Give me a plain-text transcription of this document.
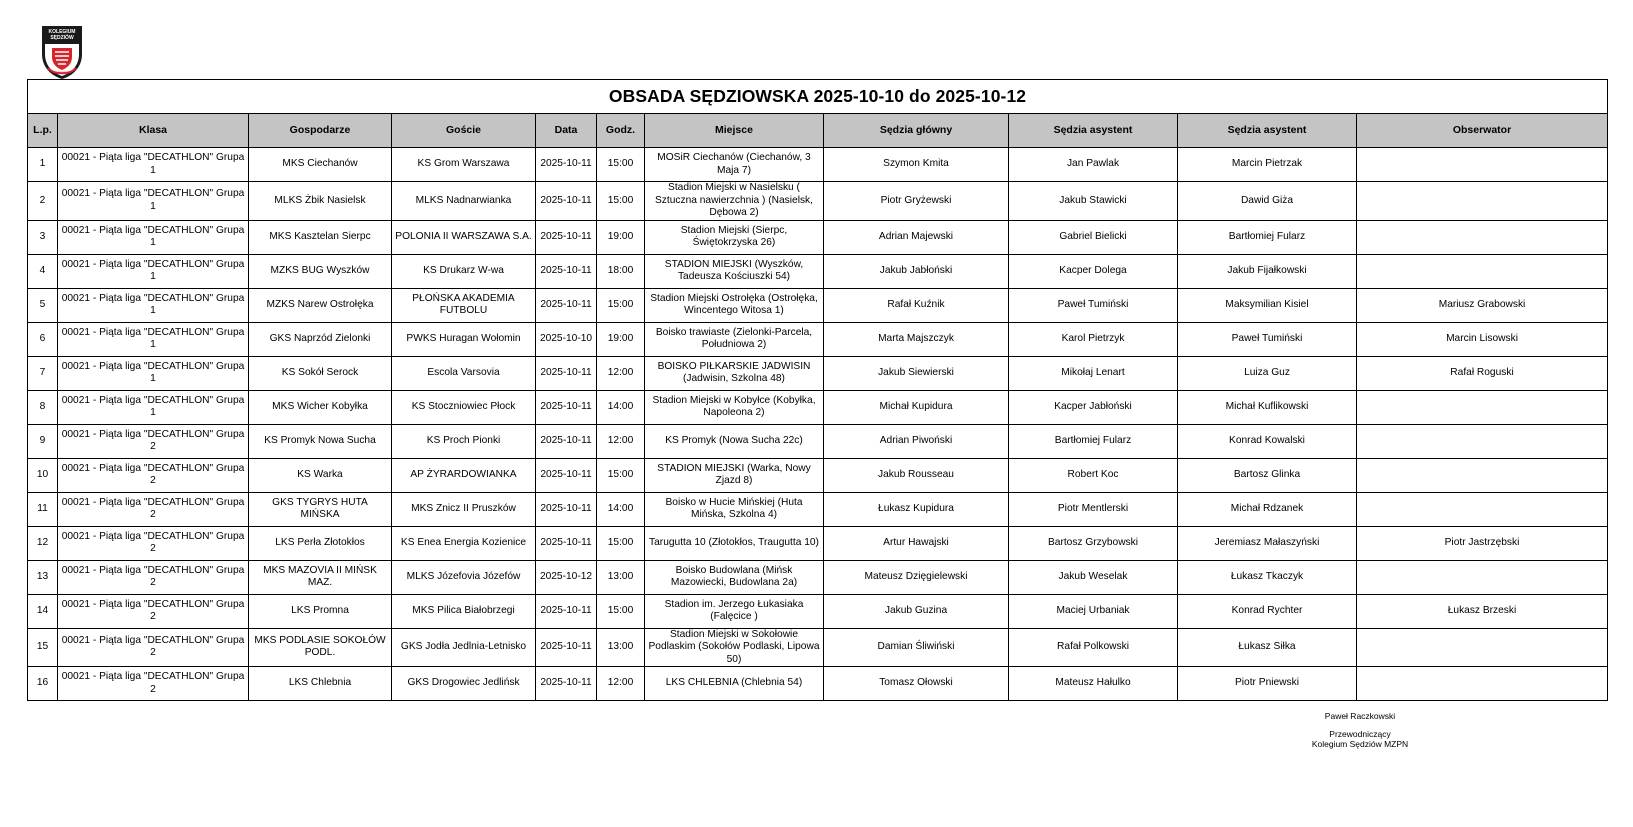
KOLEGIUM
SĘDZIÓW
MAZOWIECKI
OBSADA SĘDZIOWSKA 2025-10-10 do 2025-10-12										
L.p.	Klasa	Gospodarze	Goście	Data	Godz.	Miejsce	Sędzia główny	Sędzia asystent	Sędzia asystent	Obserwator
1	00021 - Piąta liga "DECATHLON" Grupa 1	MKS Ciechanów	KS Grom Warszawa	2025-10-11	15:00	MOSiR Ciechanów (Ciechanów, 3 Maja 7)	Szymon Kmita	Jan Pawlak	Marcin Pietrzak	
2	00021 - Piąta liga "DECATHLON" Grupa 1	MLKS Żbik Nasielsk	MLKS Nadnarwianka	2025-10-11	15:00	Stadion Miejski w Nasielsku ( Sztuczna nawierzchnia ) (Nasielsk, Dębowa 2)	Piotr Gryżewski	Jakub Stawicki	Dawid Giża	
3	00021 - Piąta liga "DECATHLON" Grupa 1	MKS Kasztelan Sierpc	POLONIA II WARSZAWA S.A.	2025-10-11	19:00	Stadion Miejski (Sierpc, Świętokrzyska 26)	Adrian Majewski	Gabriel Bielicki	Bartłomiej Fularz	
4	00021 - Piąta liga "DECATHLON" Grupa 1	MZKS BUG Wyszków	KS Drukarz W-wa	2025-10-11	18:00	STADION MIEJSKI (Wyszków, Tadeusza Kościuszki 54)	Jakub Jabłoński	Kacper Dolega	Jakub Fijałkowski	
5	00021 - Piąta liga "DECATHLON" Grupa 1	MZKS Narew Ostrołęka	PŁOŃSKA AKADEMIA FUTBOLU	2025-10-11	15:00	Stadion Miejski Ostrołęka (Ostrołęka, Wincentego Witosa 1)	Rafał Kuźnik	Paweł Tumiński	Maksymilian Kisiel	Mariusz Grabowski
6	00021 - Piąta liga "DECATHLON" Grupa 1	GKS Naprzód Zielonki	PWKS Huragan Wołomin	2025-10-10	19:00	Boisko trawiaste (Zielonki-Parcela, Południowa 2)	Marta Majszczyk	Karol Pietrzyk	Paweł Tumiński	Marcin Lisowski
7	00021 - Piąta liga "DECATHLON" Grupa 1	KS Sokół Serock	Escola Varsovia	2025-10-11	12:00	BOISKO PIŁKARSKIE JADWISIN (Jadwisin, Szkolna 48)	Jakub Siewierski	Mikołaj Lenart	Luiza Guz	Rafał Roguski
8	00021 - Piąta liga "DECATHLON" Grupa 1	MKS Wicher Kobyłka	KS Stoczniowiec Płock	2025-10-11	14:00	Stadion Miejski w Kobyłce (Kobyłka, Napoleona 2)	Michał Kupidura	Kacper Jabłoński	Michał Kuflikowski	
9	00021 - Piąta liga "DECATHLON" Grupa 2	KS Promyk Nowa Sucha	KS Proch Pionki	2025-10-11	12:00	KS Promyk (Nowa Sucha 22c)	Adrian Piwoński	Bartłomiej Fularz	Konrad Kowalski	
10	00021 - Piąta liga "DECATHLON" Grupa 2	KS Warka	AP ŻYRARDOWIANKA	2025-10-11	15:00	STADION MIEJSKI (Warka, Nowy Zjazd 8)	Jakub Rousseau	Robert Koc	Bartosz Glinka	
11	00021 - Piąta liga "DECATHLON" Grupa 2	GKS TYGRYS HUTA MIŃSKA	MKS Znicz II Pruszków	2025-10-11	14:00	Boisko w Hucie Mińskiej (Huta Mińska, Szkolna 4)	Łukasz Kupidura	Piotr Mentlerski	Michał Rdzanek	
12	00021 - Piąta liga "DECATHLON" Grupa 2	LKS Perła Złotokłos	KS Enea Energia Kozienice	2025-10-11	15:00	Tarugutta 10 (Złotokłos, Traugutta 10)	Artur Hawajski	Bartosz Grzybowski	Jeremiasz Małaszyński	Piotr Jastrzębski
13	00021 - Piąta liga "DECATHLON" Grupa 2	MKS MAZOVIA II MIŃSK MAZ.	MLKS Józefovia Józefów	2025-10-12	13:00	Boisko Budowlana (Mińsk Mazowiecki, Budowlana 2a)	Mateusz Dzięgielewski	Jakub Weselak	Łukasz Tkaczyk	
14	00021 - Piąta liga "DECATHLON" Grupa 2	LKS Promna	MKS Pilica Białobrzegi	2025-10-11	15:00	Stadion im. Jerzego Łukasiaka (Falęcice )	Jakub Guzina	Maciej Urbaniak	Konrad Rychter	Łukasz Brzeski
15	00021 - Piąta liga "DECATHLON" Grupa 2	MKS PODLASIE SOKOŁÓW PODL.	GKS Jodła Jedlnia-Letnisko	2025-10-11	13:00	Stadion Miejski w Sokołowie Podlaskim (Sokołów Podlaski, Lipowa 50)	Damian Śliwiński	Rafał Polkowski	Łukasz Siłka	
16	00021 - Piąta liga "DECATHLON" Grupa 2	LKS Chlebnia	GKS Drogowiec Jedlińsk	2025-10-11	12:00	LKS CHLEBNIA (Chlebnia 54)	Tomasz Ołowski	Mateusz Hałulko	Piotr Pniewski	
Paweł Raczkowski
Przewodniczący
Kolegium Sędziów MZPN
